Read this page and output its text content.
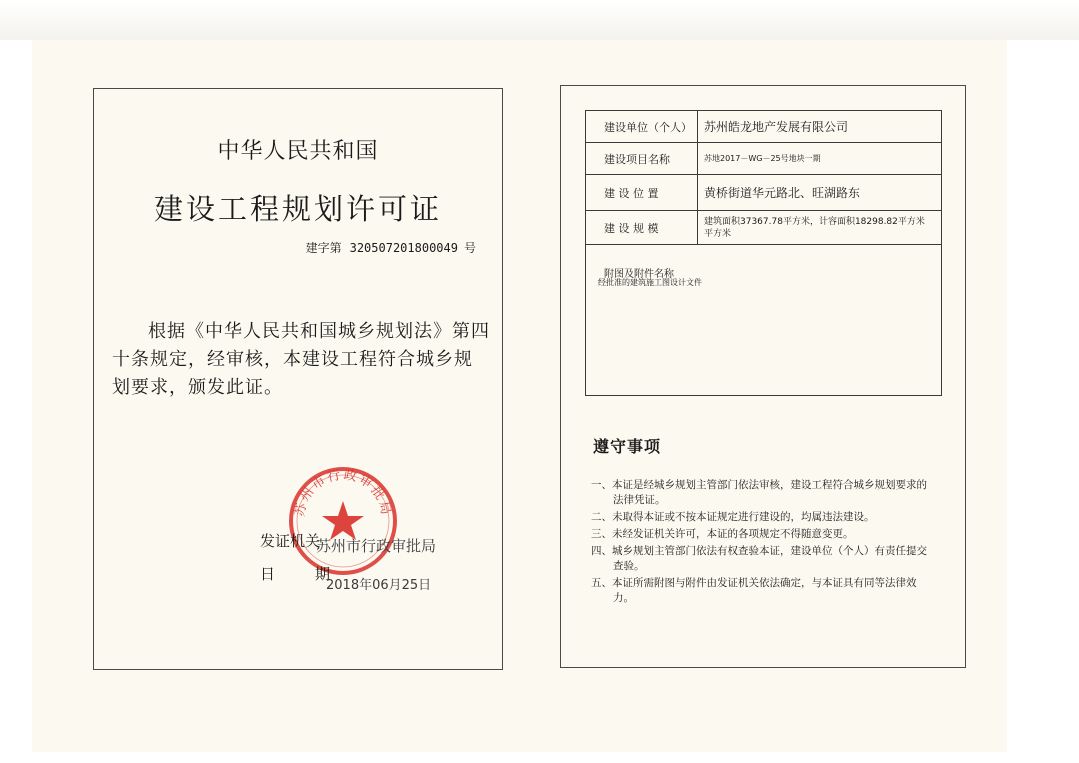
中华人民共和国
建设工程规划许可证
建字第 320507201800049 号
根据《中华人民共和国城乡规划法》第四十条规定，经审核，本建设工程符合城乡规划要求，颁发此证。
苏州市行政审批局
发证机关
苏州市行政审批局
日期
2018年06月25日
建设单位（个人）	苏州皓龙地产发展有限公司
建设项目名称	苏地2017－WG－25号地块一期
建 设 位 置	黄桥街道华元路北、旺湖路东
建 设 规 模	建筑面积37367.78平方米，计容面积18298.82平方米　平方米
附图及附件名称
经批准的建筑施工图设计文件
遵守事项
一、本证是经城乡规划主管部门依法审核，建设工程符合城乡规划要求的法律凭证。
二、未取得本证或不按本证规定进行建设的，均属违法建设。
三、未经发证机关许可，本证的各项规定不得随意变更。
四、城乡规划主管部门依法有权查验本证，建设单位（个人）有责任提交查验。
五、本证所需附图与附件由发证机关依法确定，与本证具有同等法律效力。
